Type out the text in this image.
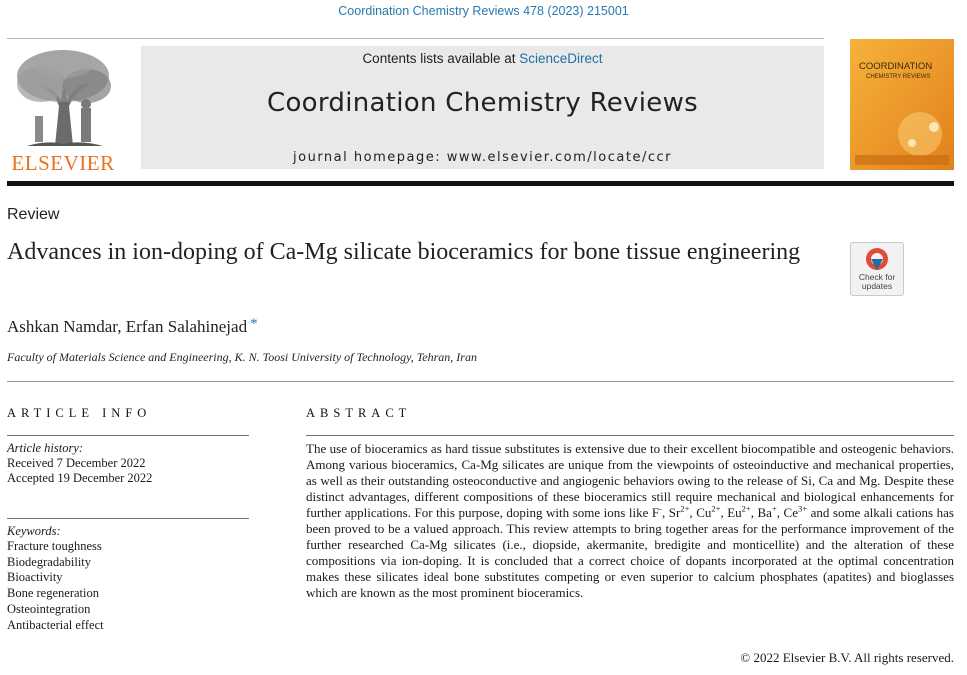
Coordination Chemistry Reviews 478 (2023) 215001
ELSEVIER
Contents lists available at ScienceDirect
Coordination Chemistry Reviews
journal homepage: www.elsevier.com/locate/ccr
COORDINATION
CHEMISTRY REVIEWS
Review
Advances in ion-doping of Ca-Mg silicate bioceramics for bone tissue engineering
Check for
updates
Ashkan Namdar, Erfan Salahinejad *
Faculty of Materials Science and Engineering, K. N. Toosi University of Technology, Tehran, Iran
ARTICLE INFO
Article history:
Received 7 December 2022
Accepted 19 December 2022
Keywords:
Fracture toughness
Biodegradability
Bioactivity
Bone regeneration
Osteointegration
Antibacterial effect
ABSTRACT
The use of bioceramics as hard tissue substitutes is extensive due to their excellent biocompatible and osteogenic behaviors. Among various bioceramics, Ca-Mg silicates are unique from the viewpoints of osteoinductive and mechanical properties, as well as their outstanding osteoconductive and angiogenic behaviors owing to the release of Si, Ca and Mg. Despite these distinct advantages, different compositions of these bioceramics still require mechanical and biological enhancements for further applications. For this purpose, doping with some ions like F-, $Sr^{2+}$, $Cu^{2+}$, $Eu^{2+}$, Ba+, $Ce^{3+}$ and some alkali cations has been proved to be a valued approach. This review attempts to bring together areas for the performance improvement of the further researched Ca-Mg silicates (i.e., diopside, akermanite, bredigite and monticellite) and the alteration of these compositions via ion-doping. It is concluded that a correct choice of dopants incorporated at the optimal concentration makes these silicates ideal bone substitutes competing or even superior to calcium phosphates (apatites) and bioglasses which are known as the most prominent bioceramics.
© 2022 Elsevier B.V. All rights reserved.
